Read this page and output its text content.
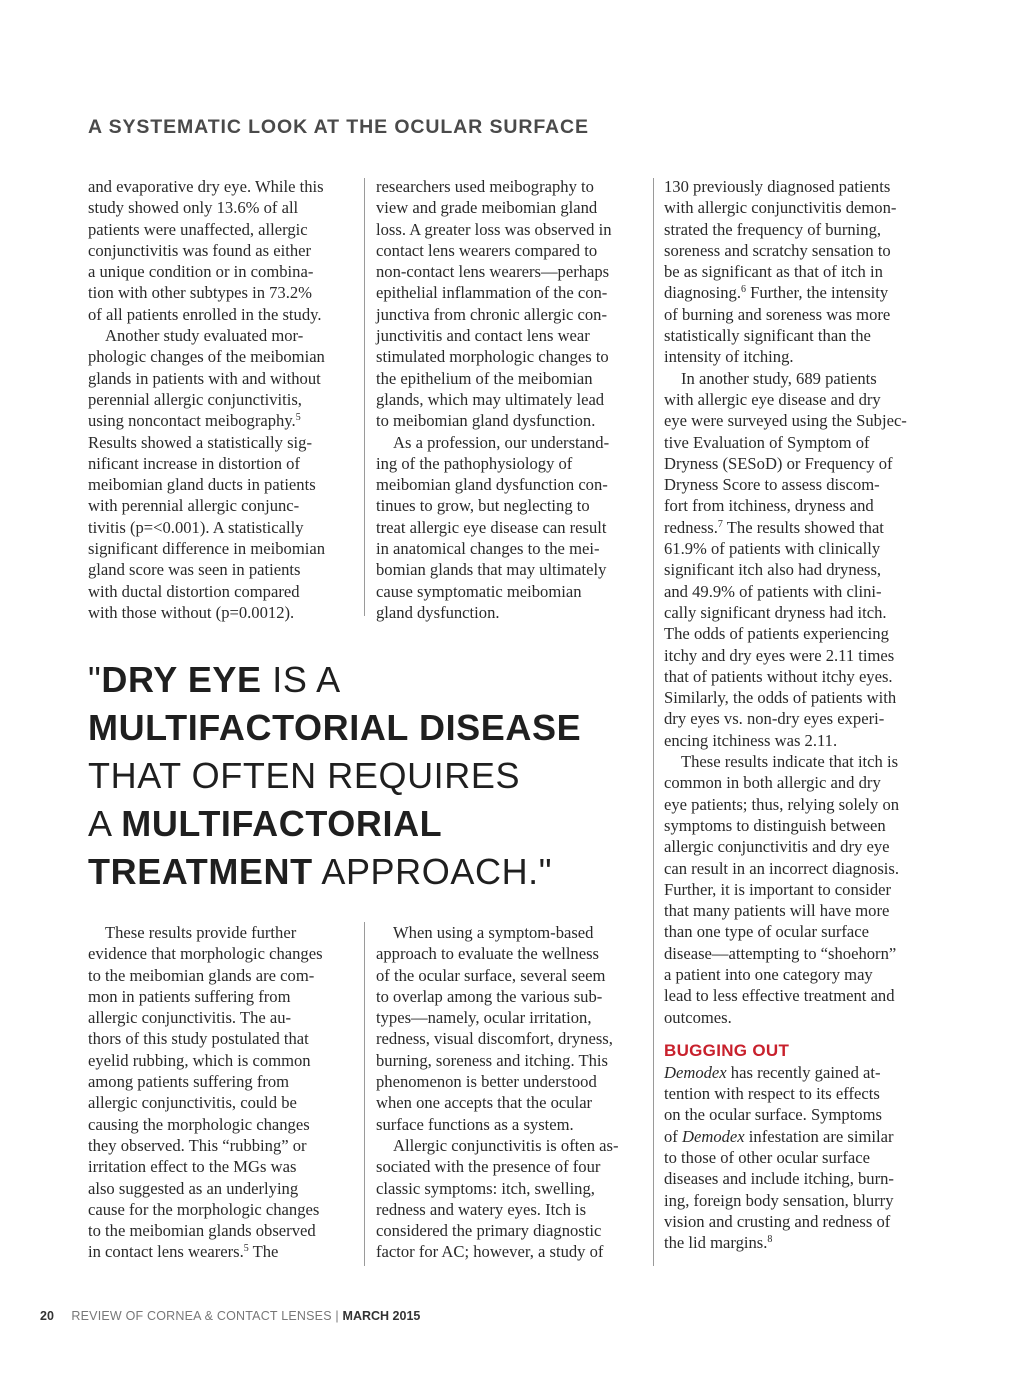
A SYSTEMATIC LOOK AT THE OCULAR SURFACE
and evaporative dry eye. While this
study showed only 13.6% of all
patients were unaffected, allergic
conjunctivitis was found as either
a unique condition or in combina-
tion with other subtypes in 73.2%
of all patients enrolled in the study.
Another study evaluated mor-
phologic changes of the meibomian
glands in patients with and without
perennial allergic conjunctivitis,
using noncontact meibography.$^5$
Results showed a statistically sig-
nificant increase in distortion of
meibomian gland ducts in patients
with perennial allergic conjunc-
tivitis (p=<0.001). A statistically
significant difference in meibomian
gland score was seen in patients
with ductal distortion compared
with those without (p=0.0012).
researchers used meibography to
view and grade meibomian gland
loss. A greater loss was observed in
contact lens wearers compared to
non-contact lens wearers—perhaps
epithelial inflammation of the con-
junctiva from chronic allergic con-
junctivitis and contact lens wear
stimulated morphologic changes to
the epithelium of the meibomian
glands, which may ultimately lead
to meibomian gland dysfunction.
As a profession, our understand-
ing of the pathophysiology of
meibomian gland dysfunction con-
tinues to grow, but neglecting to
treat allergic eye disease can result
in anatomical changes to the mei-
bomian glands that may ultimately
cause symptomatic meibomian
gland dysfunction.
"DRY EYE IS A
MULTIFACTORIAL DISEASE
THAT OFTEN REQUIRES
A MULTIFACTORIAL
TREATMENT APPROACH."
These results provide further
evidence that morphologic changes
to the meibomian glands are com-
mon in patients suffering from
allergic conjunctivitis. The au-
thors of this study postulated that
eyelid rubbing, which is common
among patients suffering from
allergic conjunctivitis, could be
causing the morphologic changes
they observed. This “rubbing” or
irritation effect to the MGs was
also suggested as an underlying
cause for the morphologic changes
to the meibomian glands observed
in contact lens wearers.$^5$ The
When using a symptom-based
approach to evaluate the wellness
of the ocular surface, several seem
to overlap among the various sub-
types—namely, ocular irritation,
redness, visual discomfort, dryness,
burning, soreness and itching. This
phenomenon is better understood
when one accepts that the ocular
surface functions as a system.
Allergic conjunctivitis is often as-
sociated with the presence of four
classic symptoms: itch, swelling,
redness and watery eyes. Itch is
considered the primary diagnostic
factor for AC; however, a study of
130 previously diagnosed patients
with allergic conjunctivitis demon-
strated the frequency of burning,
soreness and scratchy sensation to
be as significant as that of itch in
diagnosing.$^6$ Further, the intensity
of burning and soreness was more
statistically significant than the
intensity of itching.
In another study, 689 patients
with allergic eye disease and dry
eye were surveyed using the Subjec-
tive Evaluation of Symptom of
Dryness (SESoD) or Frequency of
Dryness Score to assess discom-
fort from itchiness, dryness and
redness.$^7$ The results showed that
61.9% of patients with clinically
significant itch also had dryness,
and 49.9% of patients with clini-
cally significant dryness had itch.
The odds of patients experiencing
itchy and dry eyes were 2.11 times
that of patients without itchy eyes.
Similarly, the odds of patients with
dry eyes vs. non-dry eyes experi-
encing itchiness was 2.11.
These results indicate that itch is
common in both allergic and dry
eye patients; thus, relying solely on
symptoms to distinguish between
allergic conjunctivitis and dry eye
can result in an incorrect diagnosis.
Further, it is important to consider
that many patients will have more
than one type of ocular surface
disease—attempting to “shoehorn”
a patient into one category may
lead to less effective treatment and
outcomes.
BUGGING OUT
Demodex has recently gained at-
tention with respect to its effects
on the ocular surface. Symptoms
of Demodex infestation are similar
to those of other ocular surface
diseases and include itching, burn-
ing, foreign body sensation, blurry
vision and crusting and redness of
the lid margins.$^8$
20 REVIEW OF CORNEA & CONTACT LENSES | MARCH 2015
